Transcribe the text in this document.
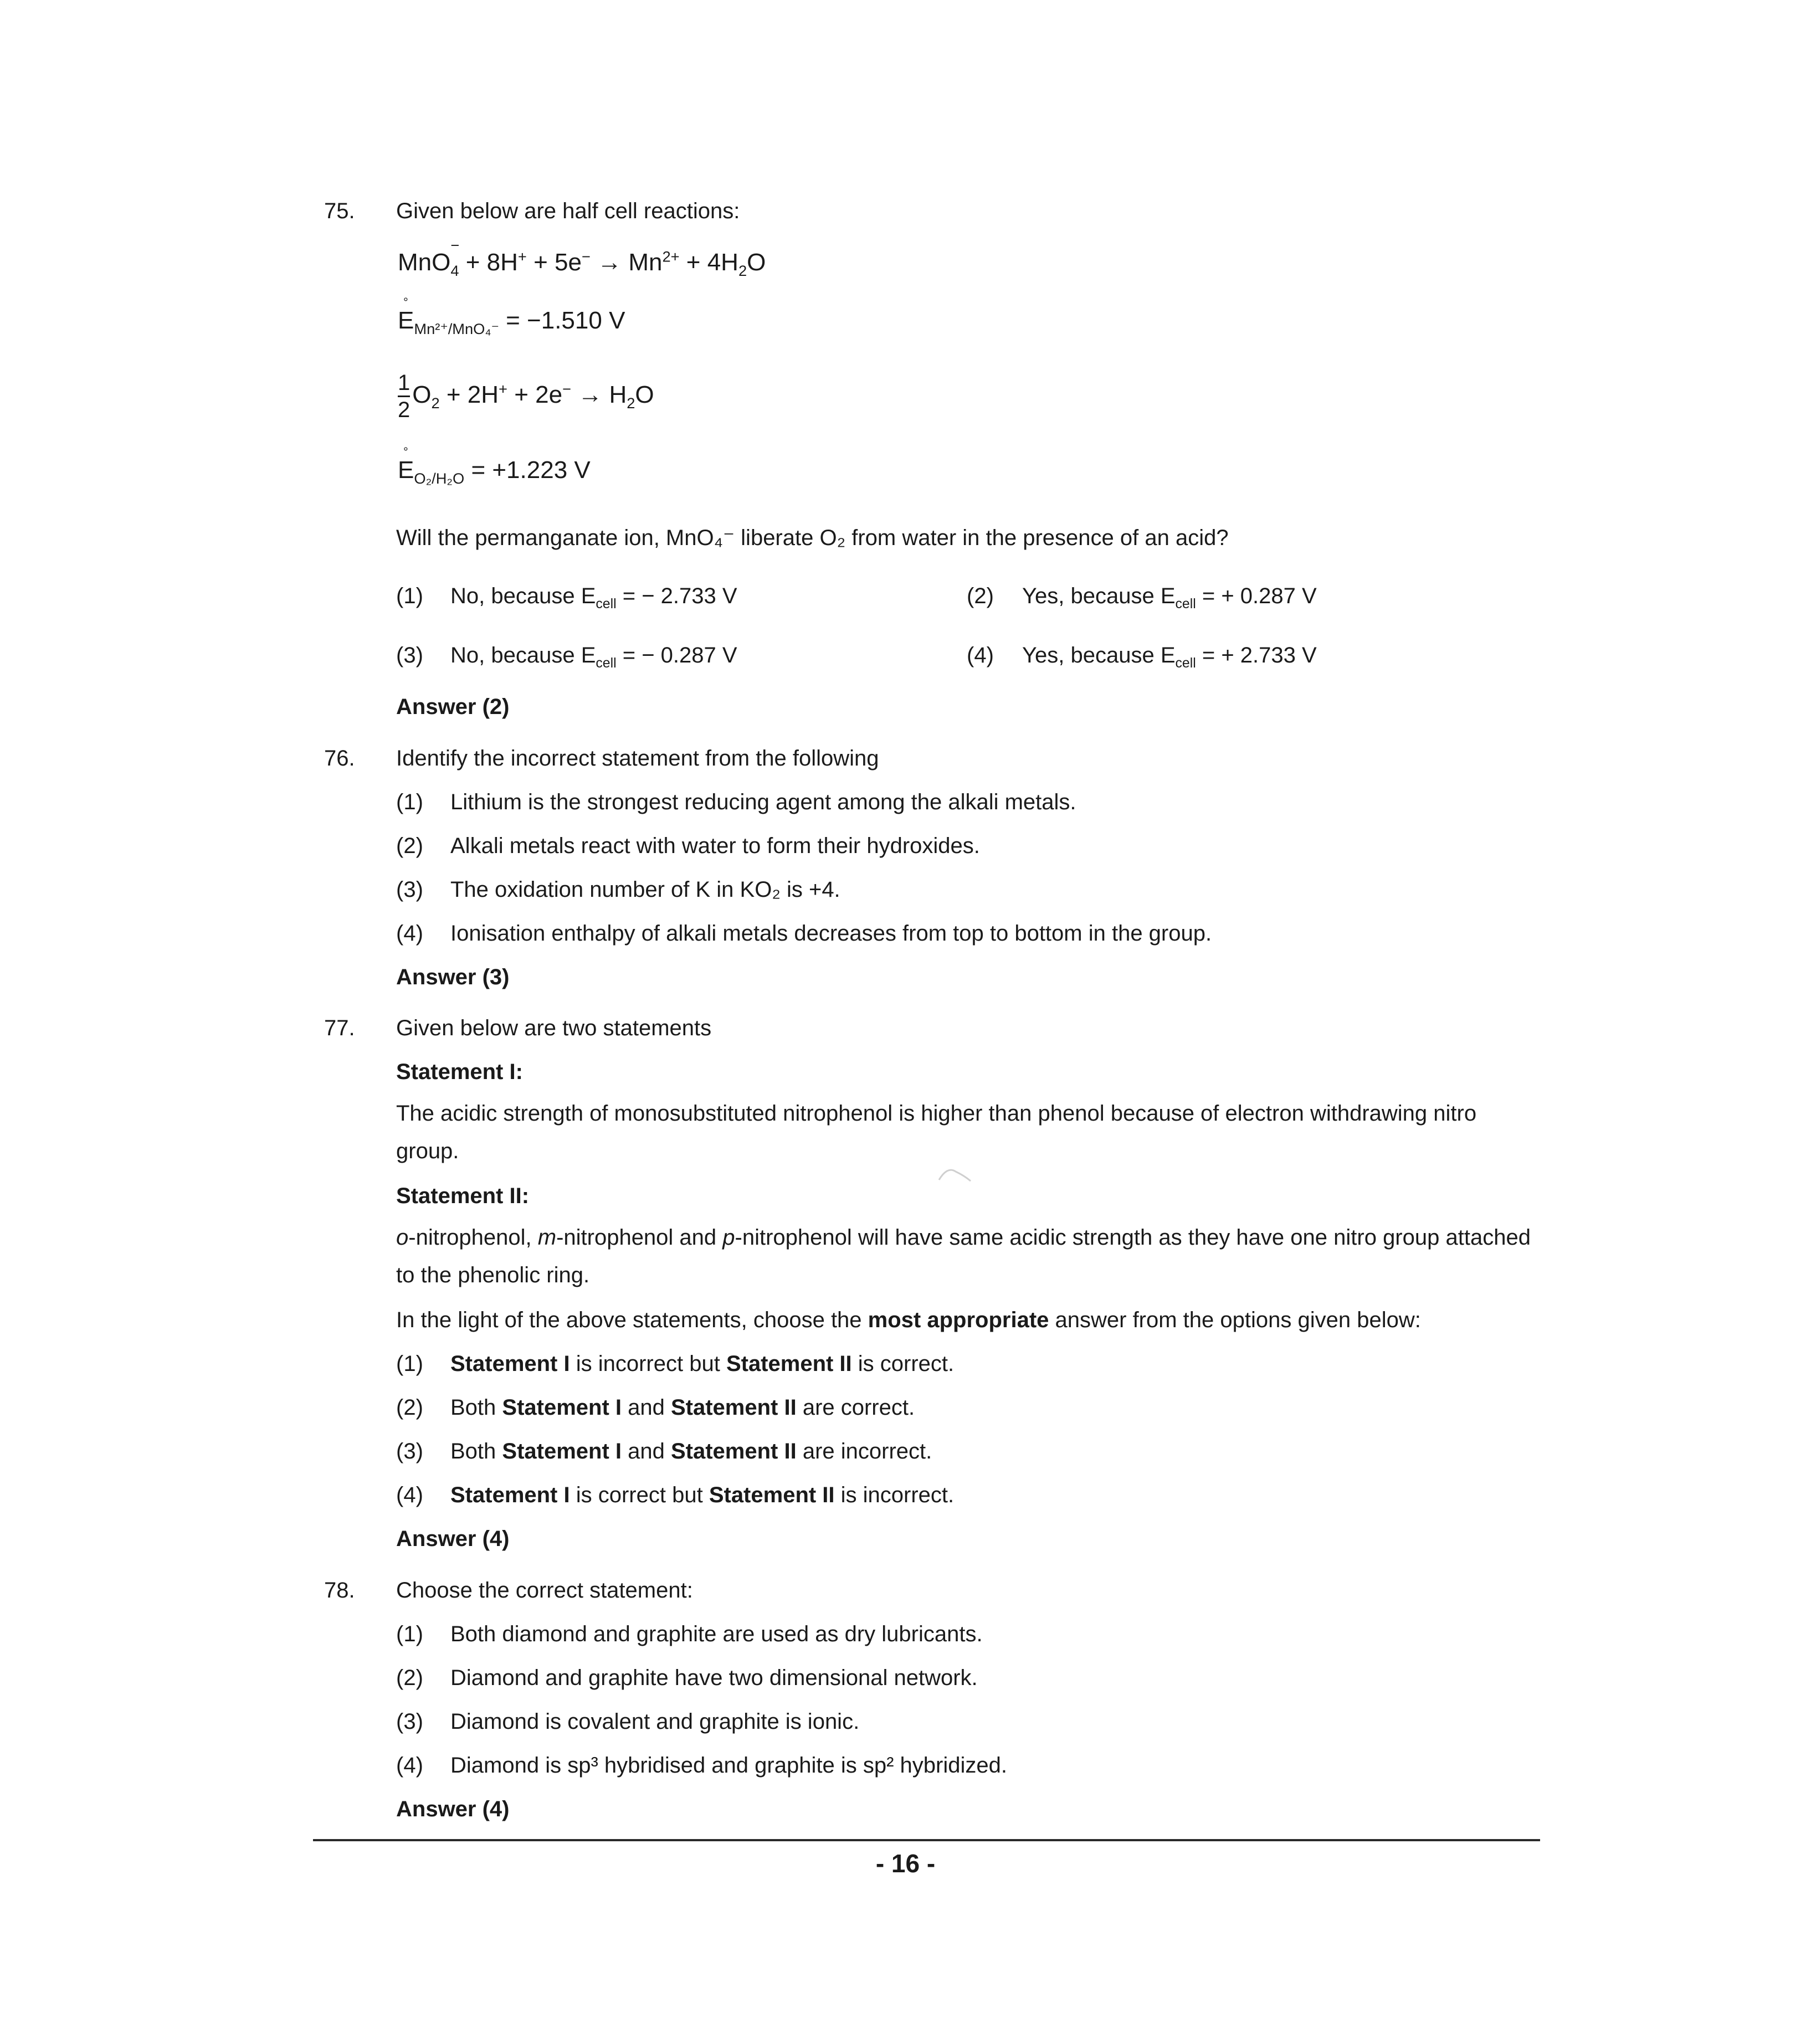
75. Given below are half cell reactions:
MnO
−
$_4 + 8H^+ + 5e^- \to Mn^{2+} + 4H_2O$
E
°
$_{Mn^{2+}/MnO_4^-}$ = −1.510 V
$\frac{1}{2} O_2 + 2H^+ + 2e^- \to H_2O$
E
°
$_{O_2/H_2O}$ = +1.223 V
Will the permanganate ion, MnO₄⁻ liberate O₂ from water in the presence of an acid?
(1) No, because $E_{cell}$ = − 2.733 V	(2) Yes, because $E_{cell}$ = + 0.287 V
(3) No, because $E_{cell}$ = − 0.287 V	(4) Yes, because $E_{cell}$ = + 2.733 V
Answer (2)
76. Identify the incorrect statement from the following
(1) Lithium is the strongest reducing agent among the alkali metals.
(2) Alkali metals react with water to form their hydroxides.
(3) The oxidation number of K in KO₂ is +4.
(4) Ionisation enthalpy of alkali metals decreases from top to bottom in the group.
Answer (3)
77. Given below are two statements
Statement I:
The acidic strength of monosubstituted nitrophenol is higher than phenol because of electron withdrawing nitro group.
Statement II:
o-nitrophenol, m-nitrophenol and p-nitrophenol will have same acidic strength as they have one nitro group attached to the phenolic ring.
In the light of the above statements, choose the most appropriate answer from the options given below:
(1) Statement I is incorrect but Statement II is correct.
(2) Both Statement I and Statement II are correct.
(3) Both Statement I and Statement II are incorrect.
(4) Statement I is correct but Statement II is incorrect.
Answer (4)
78. Choose the correct statement:
(1) Both diamond and graphite are used as dry lubricants.
(2) Diamond and graphite have two dimensional network.
(3) Diamond is covalent and graphite is ionic.
(4) Diamond is sp³ hybridised and graphite is sp² hybridized.
Answer (4)
- 16 -
